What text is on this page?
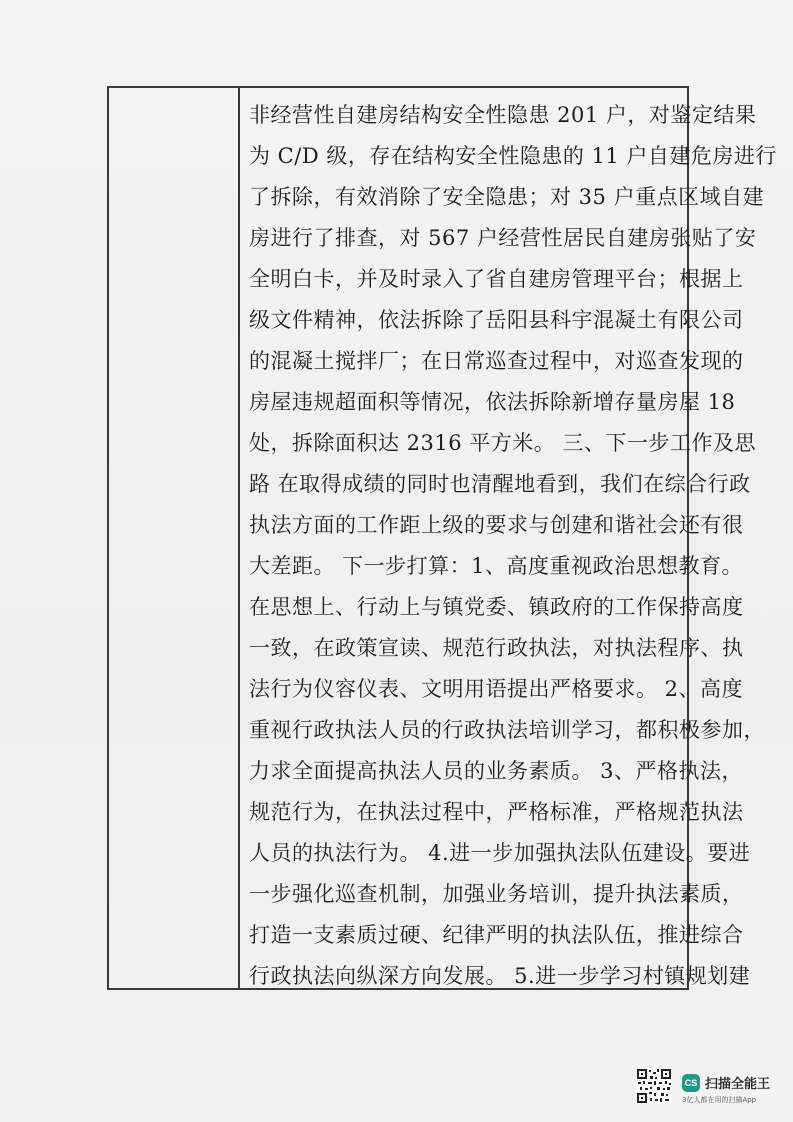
非经营性自建房结构安全性隐患 201 户，对鉴定结果
为 C/D 级，存在结构安全性隐患的 11 户自建危房进行
了拆除，有效消除了安全隐患；对 35 户重点区域自建
房进行了排查，对 567 户经营性居民自建房张贴了安
全明白卡，并及时录入了省自建房管理平台；根据上
级文件精神，依法拆除了岳阳县科宇混凝土有限公司
的混凝土搅拌厂；在日常巡查过程中，对巡查发现的
房屋违规超面积等情况，依法拆除新增存量房屋 18
处，拆除面积达 2316 平方米。 三、下一步工作及思
路 在取得成绩的同时也清醒地看到，我们在综合行政
执法方面的工作距上级的要求与创建和谐社会还有很
大差距。 下一步打算：1、高度重视政治思想教育。
在思想上、行动上与镇党委、镇政府的工作保持高度
一致，在政策宣读、规范行政执法，对执法程序、执
法行为仪容仪表、文明用语提出严格要求。 2、高度
重视行政执法人员的行政执法培训学习，都积极参加，
力求全面提高执法人员的业务素质。 3、严格执法，
规范行为，在执法过程中，严格标准，严格规范执法
人员的执法行为。 4.进一步加强执法队伍建设。要进
一步强化巡查机制，加强业务培训，提升执法素质，
打造一支素质过硬、纪律严明的执法队伍，推进综合
行政执法向纵深方向发展。 5.进一步学习村镇规划建
CS 扫描全能王
3亿人都在用的扫描App
